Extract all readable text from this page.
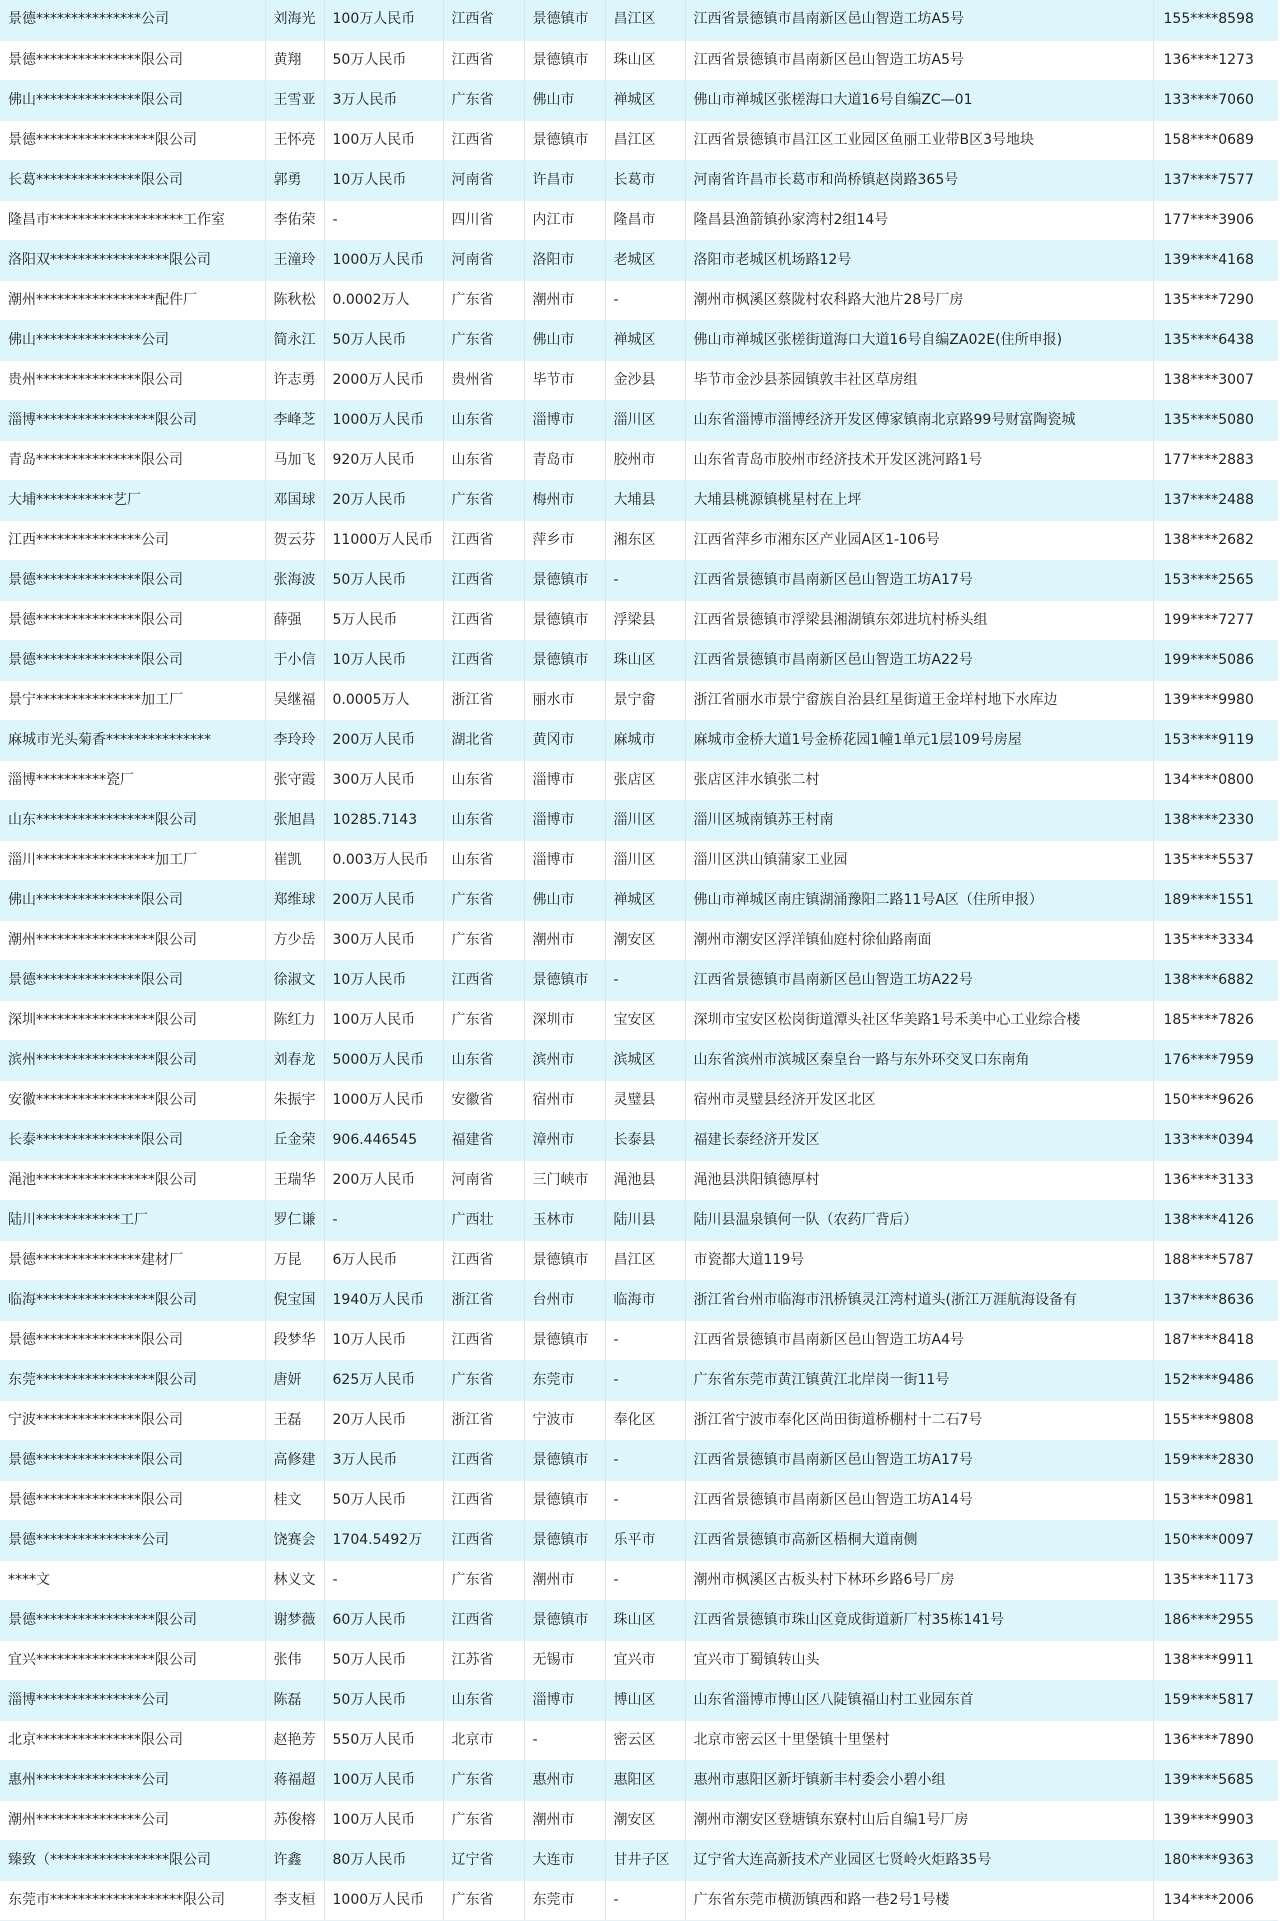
景德***************公司	刘海光	100万人民币	江西省	景德镇市	昌江区	江西省景德镇市昌南新区邑山智造工坊A5号	155****8598
景德***************限公司	黄翔	50万人民币	江西省	景德镇市	珠山区	江西省景德镇市昌南新区邑山智造工坊A5号	136****1273
佛山***************限公司	王雪亚	3万人民币	广东省	佛山市	禅城区	佛山市禅城区张槎海口大道16号自编ZC—01	133****7060
景德*****************限公司	王怀亮	100万人民币	江西省	景德镇市	昌江区	江西省景德镇市昌江区工业园区鱼丽工业带B区3号地块	158****0689
长葛***************限公司	郭勇	10万人民币	河南省	许昌市	长葛市	河南省许昌市长葛市和尚桥镇赵岗路365号	137****7577
隆昌市*******************工作室	李佑荣	-	四川省	内江市	隆昌市	隆昌县渔箭镇孙家湾村2组14号	177****3906
洛阳双*****************限公司	王潼玲	1000万人民币	河南省	洛阳市	老城区	洛阳市老城区机场路12号	139****4168
潮州*****************配件厂	陈秋松	0.0002万人	广东省	潮州市	-	潮州市枫溪区蔡陇村农科路大池片28号厂房	135****7290
佛山***************公司	简永江	50万人民币	广东省	佛山市	禅城区	佛山市禅城区张槎街道海口大道16号自编ZA02E(住所申报)	135****6438
贵州***************限公司	许志勇	2000万人民币	贵州省	毕节市	金沙县	毕节市金沙县茶园镇敦丰社区草房组	138****3007
淄博*****************限公司	李峰芝	1000万人民币	山东省	淄博市	淄川区	山东省淄博市淄博经济开发区傅家镇南北京路99号财富陶瓷城	135****5080
青岛***************限公司	马加飞	920万人民币	山东省	青岛市	胶州市	山东省青岛市胶州市经济技术开发区洮河路1号	177****2883
大埔***********艺厂	邓国球	20万人民币	广东省	梅州市	大埔县	大埔县桃源镇桃星村在上坪	137****2488
江西***************公司	贺云芬	11000万人民币	江西省	萍乡市	湘东区	江西省萍乡市湘东区产业园A区1-106号	138****2682
景德***************限公司	张海波	50万人民币	江西省	景德镇市	-	江西省景德镇市昌南新区邑山智造工坊A17号	153****2565
景德***************限公司	薛强	5万人民币	江西省	景德镇市	浮梁县	江西省景德镇市浮梁县湘湖镇东郊进坑村桥头组	199****7277
景德***************限公司	于小信	10万人民币	江西省	景德镇市	珠山区	江西省景德镇市昌南新区邑山智造工坊A22号	199****5086
景宁***************加工厂	吴继福	0.0005万人	浙江省	丽水市	景宁畲	浙江省丽水市景宁畲族自治县红星街道王金垟村地下水库边	139****9980
麻城市光头菊香***************	李玲玲	200万人民币	湖北省	黄冈市	麻城市	麻城市金桥大道1号金桥花园1幢1单元1层109号房屋	153****9119
淄博**********瓷厂	张守霞	300万人民币	山东省	淄博市	张店区	张店区沣水镇张二村	134****0800
山东*****************限公司	张旭昌	10285.7143	山东省	淄博市	淄川区	淄川区城南镇苏王村南	138****2330
淄川*****************加工厂	崔凯	0.003万人民币	山东省	淄博市	淄川区	淄川区洪山镇蒲家工业园	135****5537
佛山***************限公司	郑维球	200万人民币	广东省	佛山市	禅城区	佛山市禅城区南庄镇湖涌豫阳二路11号A区（住所申报）	189****1551
潮州*****************限公司	方少岳	300万人民币	广东省	潮州市	潮安区	潮州市潮安区浮洋镇仙庭村徐仙路南面	135****3334
景德***************限公司	徐淑文	10万人民币	江西省	景德镇市	-	江西省景德镇市昌南新区邑山智造工坊A22号	138****6882
深圳*****************限公司	陈红力	100万人民币	广东省	深圳市	宝安区	深圳市宝安区松岗街道潭头社区华美路1号禾美中心工业综合楼	185****7826
滨州*****************限公司	刘春龙	5000万人民币	山东省	滨州市	滨城区	山东省滨州市滨城区秦皇台一路与东外环交叉口东南角	176****7959
安徽*****************限公司	朱振宇	1000万人民币	安徽省	宿州市	灵璧县	宿州市灵璧县经济开发区北区	150****9626
长泰***************限公司	丘金荣	906.446545	福建省	漳州市	长泰县	福建长泰经济开发区	133****0394
渑池*****************限公司	王瑞华	200万人民币	河南省	三门峡市	渑池县	渑池县洪阳镇德厚村	136****3133
陆川************工厂	罗仁谦	-	广西壮	玉林市	陆川县	陆川县温泉镇何一队（农药厂背后）	138****4126
景德***************建材厂	万昆	6万人民币	江西省	景德镇市	昌江区	市瓷都大道119号	188****5787
临海*****************限公司	倪宝国	1940万人民币	浙江省	台州市	临海市	浙江省台州市临海市汛桥镇灵江湾村道头(浙江万涯航海设备有	137****8636
景德***************限公司	段梦华	10万人民币	江西省	景德镇市	-	江西省景德镇市昌南新区邑山智造工坊A4号	187****8418
东莞*****************限公司	唐妍	625万人民币	广东省	东莞市	-	广东省东莞市黄江镇黄江北岸岗一街11号	152****9486
宁波***************限公司	王磊	20万人民币	浙江省	宁波市	奉化区	浙江省宁波市奉化区尚田街道桥棚村十二石7号	155****9808
景德***************限公司	高修建	3万人民币	江西省	景德镇市	-	江西省景德镇市昌南新区邑山智造工坊A17号	159****2830
景德***************限公司	桂文	50万人民币	江西省	景德镇市	-	江西省景德镇市昌南新区邑山智造工坊A14号	153****0981
景德***************公司	饶赛会	1704.5492万	江西省	景德镇市	乐平市	江西省景德镇市高新区梧桐大道南侧	150****0097
****文	林义文	-	广东省	潮州市	-	潮州市枫溪区古板头村下林环乡路6号厂房	135****1173
景德*****************限公司	谢梦薇	60万人民币	江西省	景德镇市	珠山区	江西省景德镇市珠山区竟成街道新厂村35栋141号	186****2955
宜兴*****************限公司	张伟	50万人民币	江苏省	无锡市	宜兴市	宜兴市丁蜀镇转山头	138****9911
淄博***************公司	陈磊	50万人民币	山东省	淄博市	博山区	山东省淄博市博山区八陡镇福山村工业园东首	159****5817
北京***************限公司	赵艳芳	550万人民币	北京市	-	密云区	北京市密云区十里堡镇十里堡村	136****7890
惠州***************公司	蒋福超	100万人民币	广东省	惠州市	惠阳区	惠州市惠阳区新圩镇新丰村委会小碧小组	139****5685
潮州***************公司	苏俊榕	100万人民币	广东省	潮州市	潮安区	潮州市潮安区登塘镇东寮村山后自编1号厂房	139****9903
臻致（*****************限公司	许鑫	80万人民币	辽宁省	大连市	甘井子区	辽宁省大连高新技术产业园区七贤岭火炬路35号	180****9363
东莞市*******************限公司	李支桓	1000万人民币	广东省	东莞市	-	广东省东莞市横沥镇西和路一巷2号1号楼	134****2006
